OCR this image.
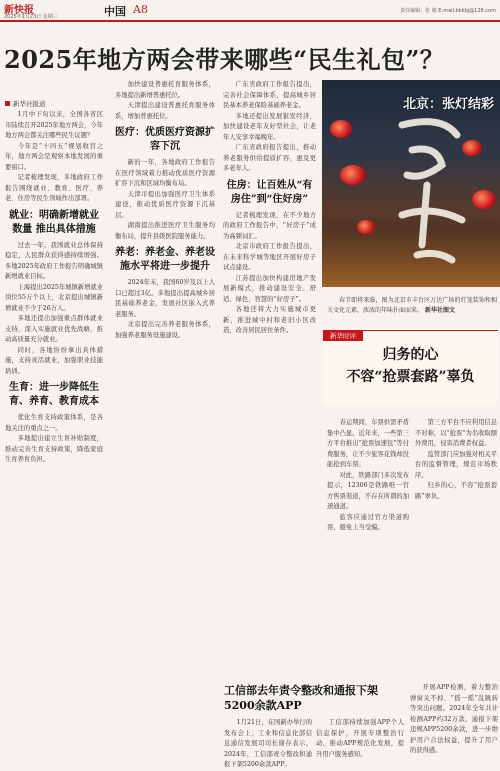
新快报
2025年1月23日 星期三	中国 A8	责任编辑：张 敏 E-mail:bkkbj@126.com
2025年地方两会带来哪些“民生礼包”？
新华社报道

1月中下旬以来，全国各省区市陆续召开2025年地方两会，今年地方两会都关注哪些民生议题？

今年是“十四五”规划收官之年，地方两会是观察本地发展的重要窗口。

记者梳理发现，多地政府工作报告围绕就业、教育、医疗、养老、住房等民生领域作出部署。

就业：明确新增就业数量 推出具体措施

过去一年，我国就业总体保持稳定，人民群众获得感持续增强。多地2025年政府工作报告明确城镇新增就业目标。

上海提出2025年城镇新增就业岗位55万个以上，北京提出城镇新增就业不少于26万人。

多地还提出加强重点群体就业支持，深入实施就业优先战略，推动高质量充分就业。

同时，各地纷纷拿出具体措施，支持灵活就业，加强职业技能培训。

生育：进一步降低生育、养育、教育成本

优化生育支持政策体系，是各地关注的重点之一。

多地提出建立生育补贴制度，推动完善生育支持政策，降低家庭生育养育负担。

加快建设普惠托育服务体系，多地提出新增普惠托位。

天津提出建设普惠托育服务体系，增加普惠托位。

医疗：优质医疗资源扩容下沉

新的一年，各地政府工作报告在医疗领域着力推动优质医疗资源扩容下沉和区域均衡布局。

天津市提出加强医疗卫生体系建设，推动优质医疗资源下沉基层。

湖南提出推进医疗卫生服务均衡布局，提升县级医院服务能力。

养老：养老金、养老设施水平将进一步提升

2024年末，我国60岁及以上人口已超过3亿。多地提出提高城乡居民基础养老金，发展社区嵌入式养老服务。

北京提出完善养老服务体系，加强养老服务设施建设。

广东省政府工作报告提出，完善社会保障体系，提高城乡居民基本养老保险基础养老金。

多地还提出发展银发经济，加快建设老年友好型社会，让老年人安享幸福晚年。

广东省政府报告提出，推动养老服务供给提质扩容，惠及更多老年人。

住房：让百姓从“有房住”到“住好房”

记者梳理发现，在不少地方的政府工作报告中，“好房子”成为高频词汇。

北京市政府工作报告提出，在未来科学城等地区开展好房子试点建设。

江苏提出加快构建房地产发展新模式，推动建设安全、舒适、绿色、智慧的“好房子”。

各地还将大力实施城市更新，推进城中村和老旧小区改造，改善居民居住条件。

北京：张灯结彩

春节即将来临，图为北京市丰台区万达广场的灯笼装饰和相关文化元素，浓浓的年味扑面而来。 新华社图文

新华时评
归务的心
不容“抢票套路”辜负

春运期间，车票供需矛盾集中凸显。近年来，一些第三方平台推出“抢票加速包”等付费服务，让不少旅客花钱却没能抢到车票。

对此，铁路部门多次发布提示，12306是铁路唯一官方售票渠道，不存在所谓的加速通道。

旅客应通过官方渠道购票，避免上当受骗。

第三方平台不应利用信息不对称，以“抢票”为名收取额外费用，侵害消费者权益。

监管部门应加强对相关平台的监督管理，规范市场秩序。

归乡的心，不容“抢票套路”辜负。

工信部去年责令整改和通报下架5200余款APP

1月21日，在国新办举行的发布会上，工业和信息化部信息通信发展司司长谢存表示，2024年，工信部责令整改和通报下架5200余款APP。

工信部持续加强APP个人信息保护，开展专项整治行动，推动APP规范化发展，提升用户服务感知。

开展APP检测，着力整治弹窗关不掉、“摇一摇”乱跳转等突出问题。2024年全年共计检测APP约32万款，通报下架违规APP5200余款，进一步维护用户合法权益，提升了用户的获得感。
